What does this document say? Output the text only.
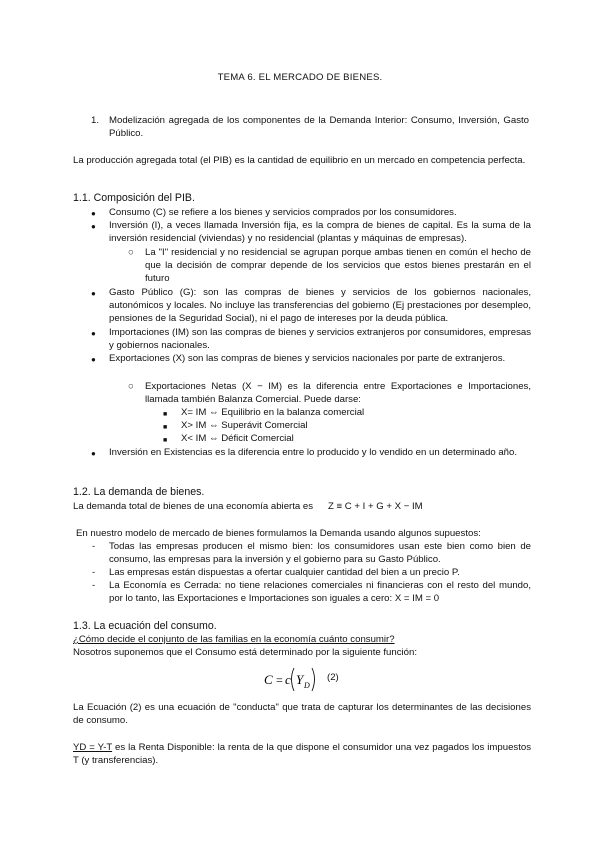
TEMA 6. EL MERCADO DE BIENES.
1. Modelización agregada de los componentes de la Demanda Interior: Consumo, Inversión, Gasto Público.
La producción agregada total (el PIB) es la cantidad de equilibrio en un mercado en competencia perfecta.
1.1. Composición del PIB.
● Consumo (C) se refiere a los bienes y servicios comprados por los consumidores.
● Inversión (I), a veces llamada Inversión fija, es la compra de bienes de capital. Es la suma de la inversión residencial (viviendas) y no residencial (plantas y máquinas de empresas).
○ La "I" residencial y no residencial se agrupan porque ambas tienen en común el hecho de que la decisión de comprar depende de los servicios que estos bienes prestarán en el futuro
● Gasto Público (G): son las compras de bienes y servicios de los gobiernos nacionales, autonómicos y locales. No incluye las transferencias del gobierno (Ej prestaciones por desempleo, pensiones de la Seguridad Social), ni el pago de intereses por la deuda pública.
● Importaciones (IM) son las compras de bienes y servicios extranjeros por consumidores, empresas y gobiernos nacionales.
● Exportaciones (X) son las compras de bienes y servicios nacionales por parte de extranjeros.
○ Exportaciones Netas (X − IM) es la diferencia entre Exportaciones e Importaciones, llamada también Balanza Comercial. Puede darse:
■ X= IM ⇔ Equilibrio en la balanza comercial
■ X> IM ⇔ Superávit Comercial
■ X< IM ⇔ Déficit Comercial
● Inversión en Existencias es la diferencia entre lo producido y lo vendido en un determinado año.
1.2. La demanda de bienes.
La demanda total de bienes de una economía abierta es Z ≡ C + I + G + X − IM
En nuestro modelo de mercado de bienes formulamos la Demanda usando algunos supuestos:
- Todas las empresas producen el mismo bien: los consumidores usan este bien como bien de consumo, las empresas para la inversión y el gobierno para su Gasto Público.
- Las empresas están dispuestas a ofertar cualquier cantidad del bien a un precio P.
- La Economía es Cerrada: no tiene relaciones comerciales ni financieras con el resto del mundo, por lo tanto, las Exportaciones e Importaciones son iguales a cero: X = IM = 0
1.3. La ecuación del consumo.
¿Cómo decide el conjunto de las familias en la economía cuánto consumir?
Nosotros suponemos que el Consumo está determinado por la siguiente función:
C = c Y D
(2)
La Ecuación (2) es una ecuación de "conducta" que trata de capturar los determinantes de las decisiones de consumo.
YD = Y-T es la Renta Disponible: la renta de la que dispone el consumidor una vez pagados los impuestos T (y transferencias).
